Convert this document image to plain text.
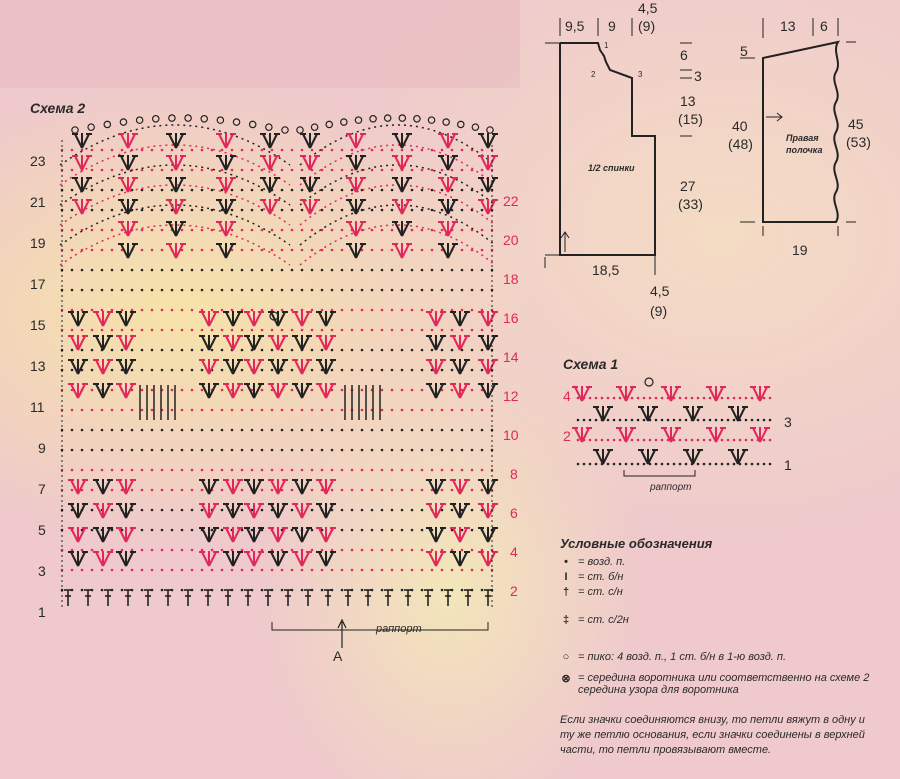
Схема 2
23
21
19
17
15
13
11
9
7
5
3
1
22
20
18
16
14
12
10
8
6
4
2
раппорт
А
1/2 спинки
9,5 9
4,5
(9)
6
3
13
(15)
27
(33)
18,5
4,5
(9)
1
2	3
Правая
полочка
13 6
5
40
(48)
45
(53)
19
Схема 1
4
2
3
1
раппорт
Условные обозначения
• = возд. п.
I = ст. б/н
† = ст. с/н
‡ = ст. с/2н
○ = пико: 4 возд. п., 1 ст. б/н в 1-ю возд. п.
⊗ = середина воротника или соответственно на схеме 2 середина узора для воротника
Если значки соединяются внизу, то петли вяжут в одну и ту же петлю основания, если значки соединены в верхней части, то петли провязывают вместе.
